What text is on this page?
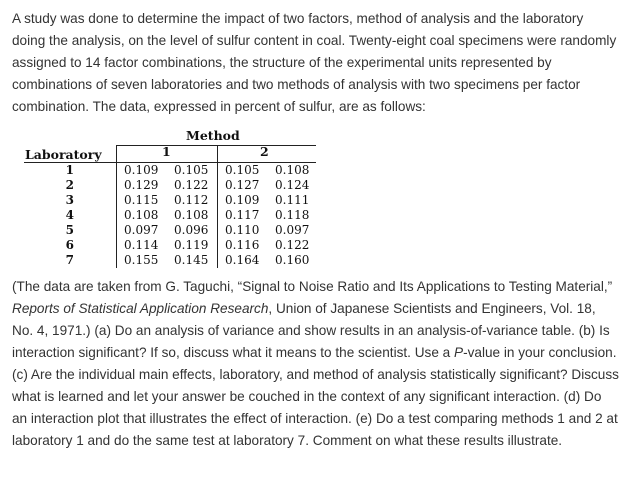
A study was done to determine the impact of two factors, method of analysis and the laboratory doing the analysis, on the level of sulfur content in coal. Twenty-eight coal specimens were randomly assigned to 14 factor combinations, the structure of the experimental units represented by combinations of seven laboratories and two methods of analysis with two specimens per factor combination. The data, expressed in percent of sulfur, are as follows:

Method
Laboratory	1	2
1	0.109 0.105 0.105 0.108
2	0.129 0.122 0.127 0.124
3	0.115 0.112 0.109 0.111
4	0.108 0.108 0.117 0.118
5	0.097 0.096 0.110 0.097
6	0.114 0.119 0.116 0.122
7	0.155 0.145 0.164 0.160

(The data are taken from G. Taguchi, “Signal to Noise Ratio and Its Applications to Testing Material,” Reports of Statistical Application Research, Union of Japanese Scientists and Engineers, Vol. 18, No. 4, 1971.) (a) Do an analysis of variance and show results in an analysis-of-variance table. (b) Is interaction significant? If so, discuss what it means to the scientist. Use a P-value in your conclusion. (c) Are the individual main effects, laboratory, and method of analysis statistically significant? Discuss what is learned and let your answer be couched in the context of any significant interaction. (d) Do an interaction plot that illustrates the effect of interaction. (e) Do a test comparing methods 1 and 2 at laboratory 1 and do the same test at laboratory 7. Comment on what these results illustrate.
